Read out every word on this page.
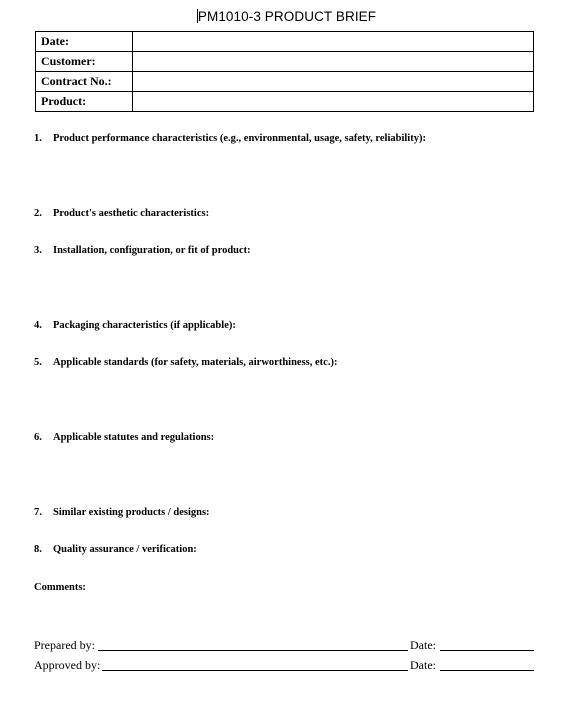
PM1010-3 PRODUCT BRIEF
Date:	
Customer:	
Contract No.:	
Product:	
1. Product performance characteristics (e.g., environmental, usage, safety, reliability):
2. Product's aesthetic characteristics:
3. Installation, configuration, or fit of product:
4. Packaging characteristics (if applicable):
5. Applicable standards (for safety, materials, airworthiness, etc.):
6. Applicable statutes and regulations:
7. Similar existing products / designs:
8. Quality assurance / verification:
Comments:
Prepared by:	Date:
Approved by:	Date:
